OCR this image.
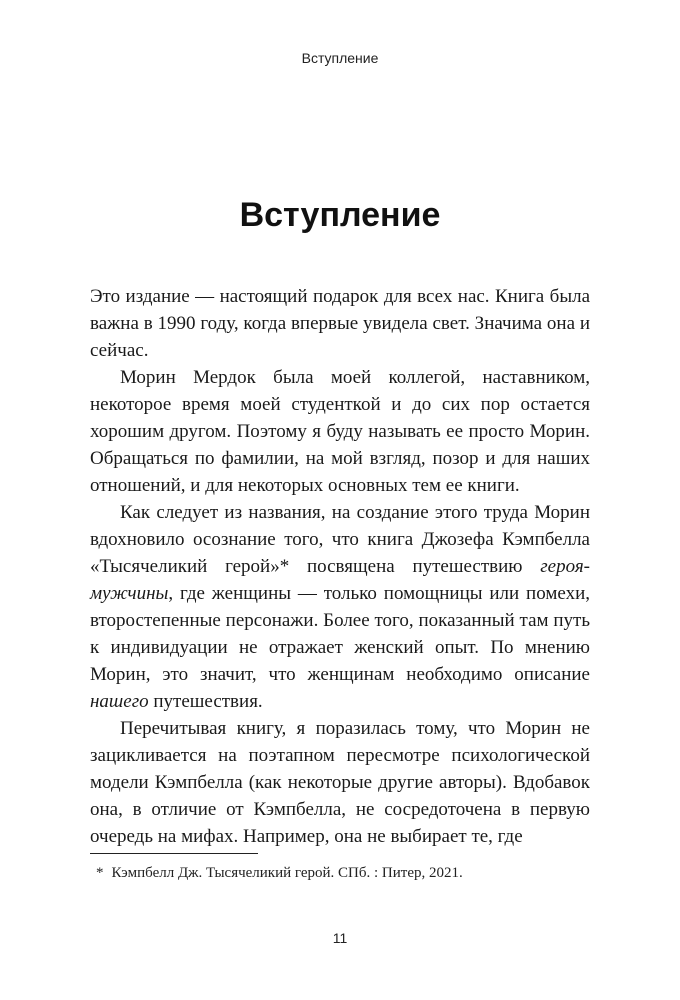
Вступление
Вступление

Это издание — настоящий подарок для всех нас. Книга была важна в 1990 году, когда впервые увидела свет. Значима она и сейчас.

Морин Мердок была моей коллегой, наставником, некоторое время моей студенткой и до сих пор остается хорошим другом. Поэтому я буду называть ее просто Морин. Обращаться по фамилии, на мой взгляд, позор и для наших отношений, и для некоторых основных тем ее книги.

Как следует из названия, на создание этого труда Морин вдохновило осознание того, что книга Джозефа Кэмпбелла «Тысячеликий герой»* посвящена путешествию героя-мужчины, где женщины — только помощницы или помехи, второстепенные персонажи. Более того, показанный там путь к индивидуации не отражает женский опыт. По мнению Морин, это значит, что женщинам необходимо описание нашего путешествия.

Перечитывая книгу, я поразилась тому, что Морин не зацикливается на поэтапном пересмотре психологической модели Кэмпбелла (как некоторые другие авторы). Вдобавок она, в отличие от Кэмпбелла, не сосредоточена в первую очередь на мифах. Например, она не выбирает те, где

* Кэмпбелл Дж. Тысячеликий герой. СПб. : Питер, 2021.
11
